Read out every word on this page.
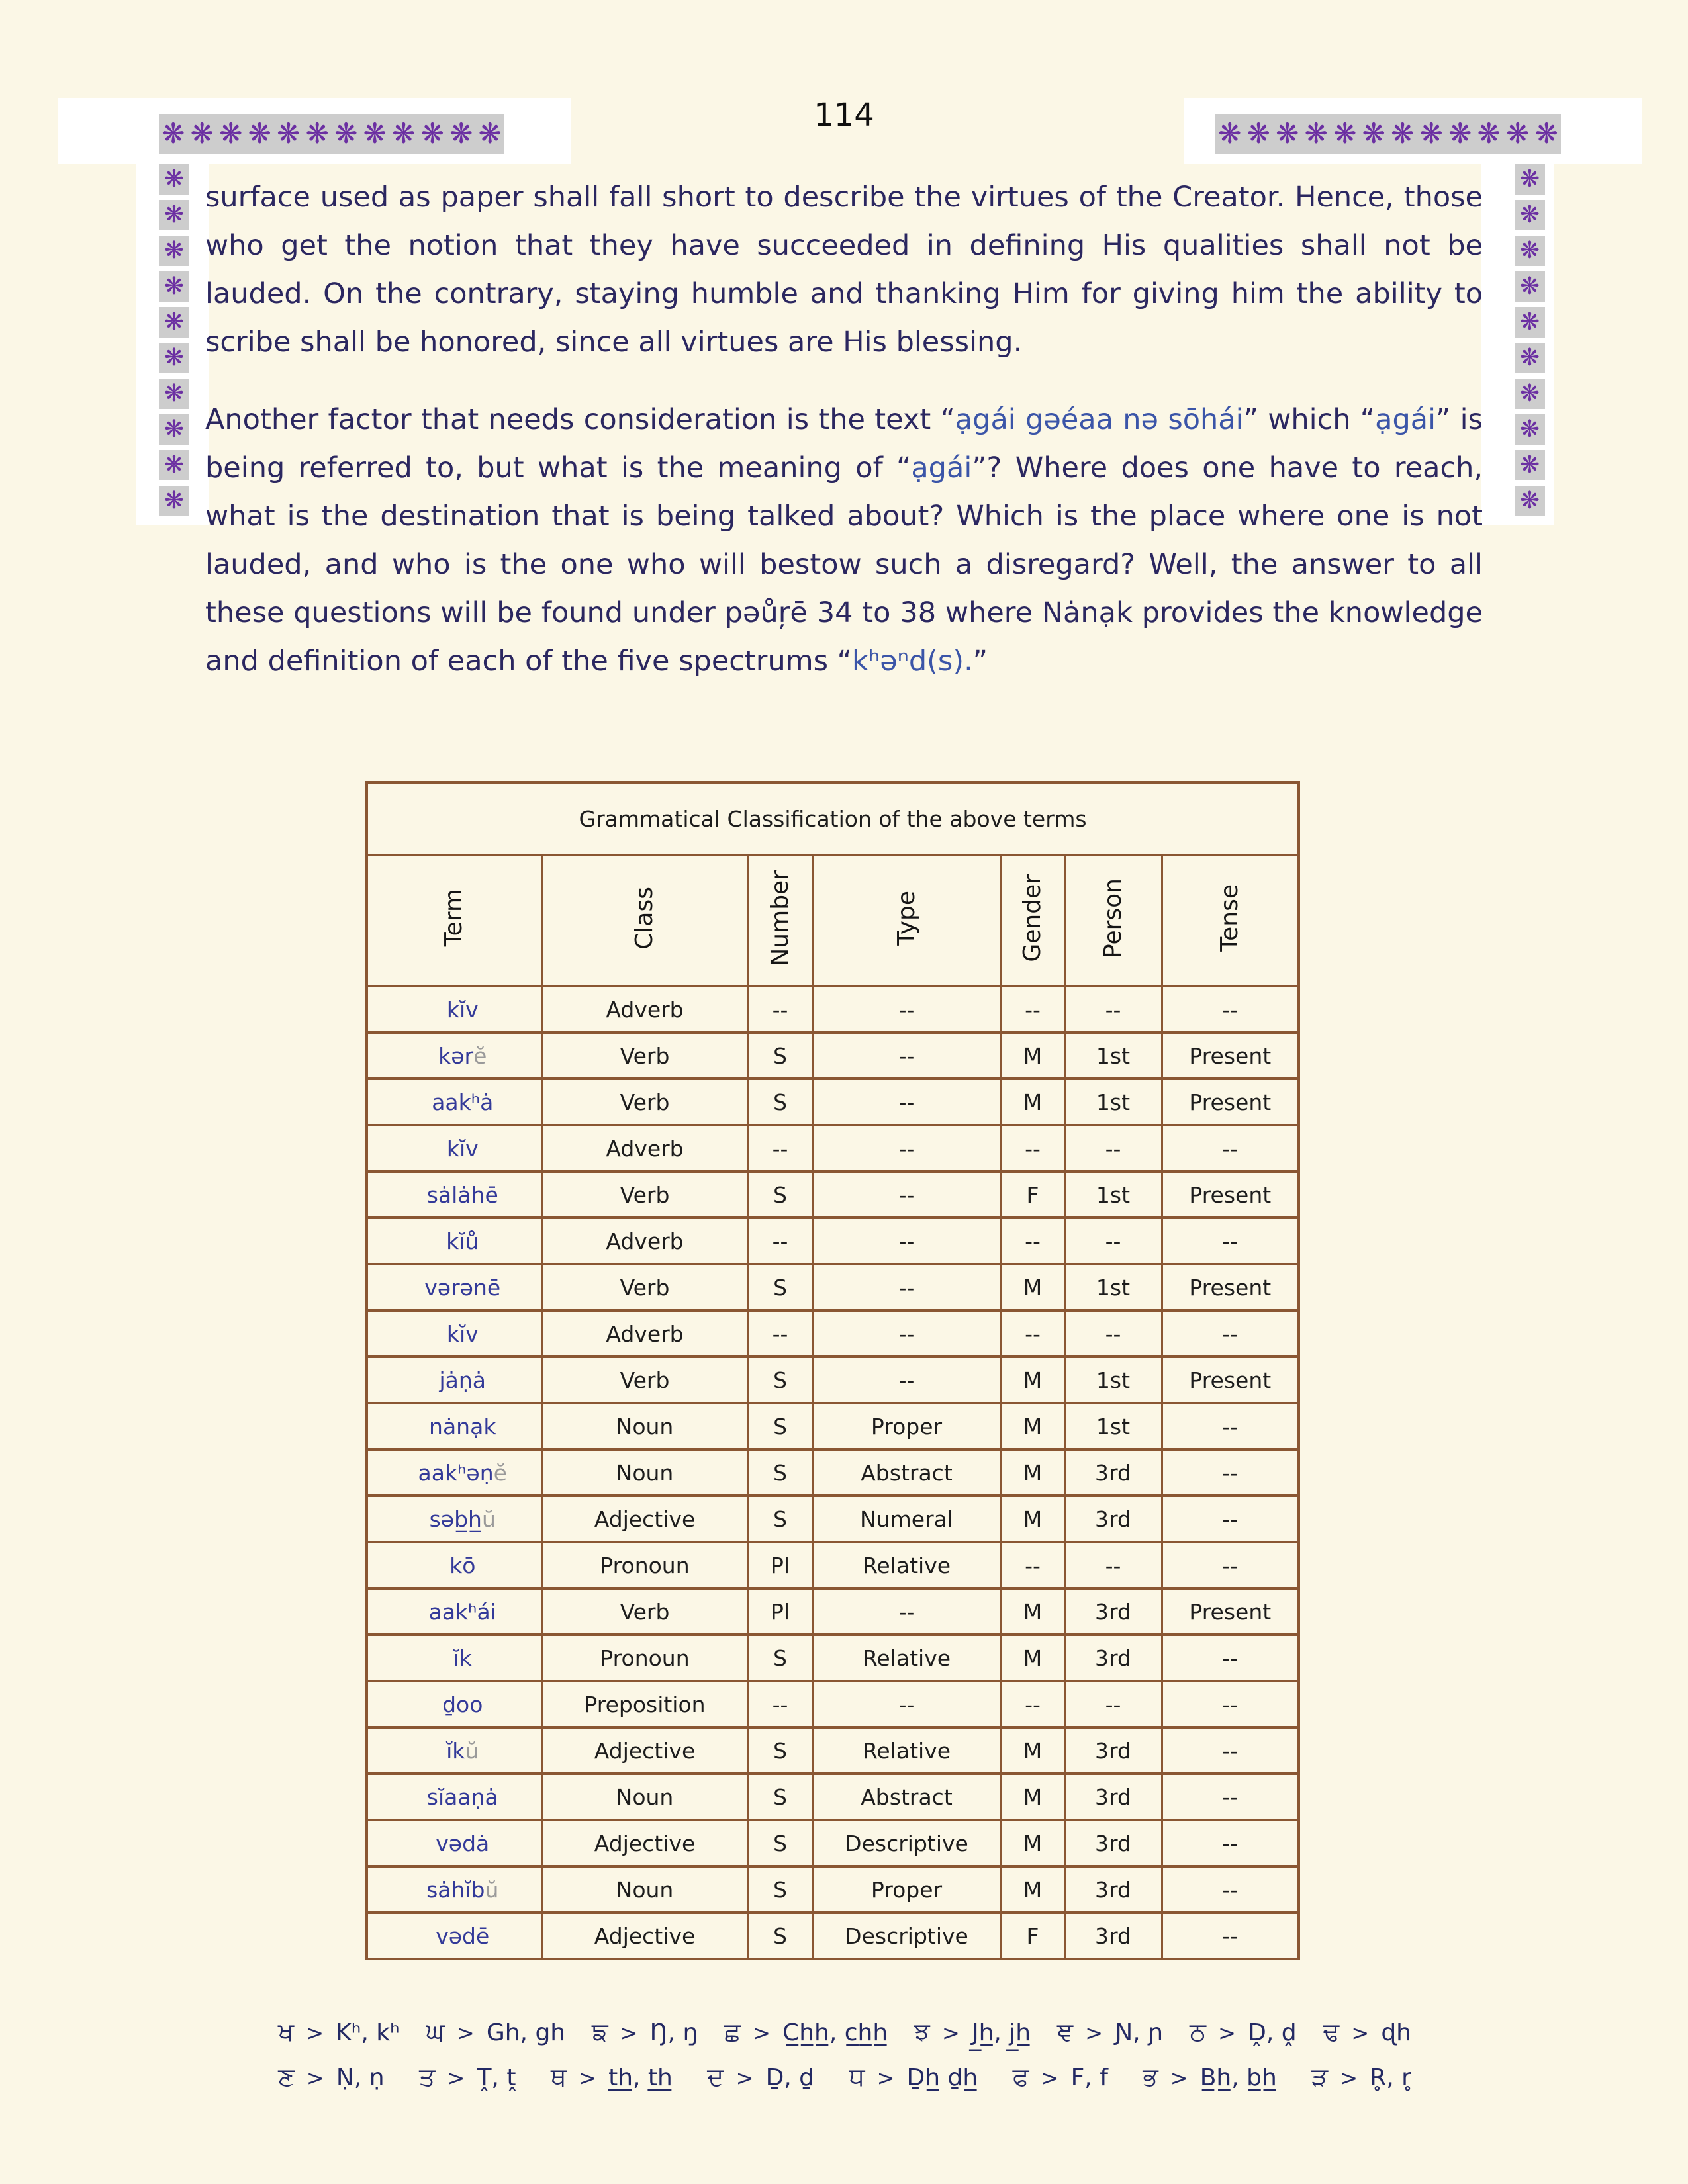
❋ ❋ ❋ ❋ ❋ ❋ ❋ ❋ ❋ ❋ ❋ ❋	❋ ❋ ❋ ❋ ❋ ❋ ❋ ❋ ❋ ❋ ❋ ❋
❋
❋
❋
❋
❋
❋
❋
❋
❋
❋
❋
❋
❋
❋
❋
❋
❋
❋
❋
❋
114

surface used as paper shall fall short to describe the virtues of the Creator. Hence, those who get the notion that they have succeeded in defining His qualities shall not be lauded. On the contrary, staying humble and thanking Him for giving him the ability to scribe shall be honored, since all virtues are His blessing.

Another factor that needs consideration is the text “ạgái gəéaa nə sōhái” which “ạgái” is being referred to, but what is the meaning of “ạgái”? Where does one have to reach, what is the destination that is being talked about? Which is the place where one is not lauded, and who is the one who will bestow such a disregard? Well, the answer to all these questions will be found under pəůŗē 34 to 38 where Nȧnạk provides the knowledge and definition of each of the five spectrums “kʰəⁿd(s).”

Grammatical Classification of the above terms						
Term	Class	Number	Type	Gender	Person	Tense
kĭv	Adverb	--	--	--	--	--
kərĕ	Verb	S	--	M	1st	Present
aakʰȧ	Verb	S	--	M	1st	Present
kĭv	Adverb	--	--	--	--	--
sȧlȧhē	Verb	S	--	F	1st	Present
kĭů	Adverb	--	--	--	--	--
vərənē	Verb	S	--	M	1st	Present
kĭv	Adverb	--	--	--	--	--
jȧṇȧ	Verb	S	--	M	1st	Present
nȧnạk	Noun	S	Proper	M	1st	--
aakʰəṇĕ	Noun	S	Abstract	M	3rd	--
səb̲h̲ŭ	Adjective	S	Numeral	M	3rd	--
kō	Pronoun	Pl	Relative	--	--	--
aakʰái	Verb	Pl	--	M	3rd	Present
ĭk	Pronoun	S	Relative	M	3rd	--
ḏoo	Preposition	--	--	--	--	--
ĭkŭ	Adjective	S	Relative	M	3rd	--
sĭaaṇȧ	Noun	S	Abstract	M	3rd	--
vədȧ	Adjective	S	Descriptive	M	3rd	--
sȧhĭbŭ	Noun	S	Proper	M	3rd	--
vədē	Adjective	S	Descriptive	F	3rd	--
ਖ > Kʰ, kʰ ਘ > Gh, gh ਙ > Ŋ, ŋ ਛ > C̲h̲h̲, c̲h̲h̲ ਝ > J̲h̲, j̲h̲ ਞ > Ɲ, ɲ ਠ > Ḓ, ḓ ਢ > ɖh
ਣ > Ṇ, ṇ ਤ > Ṱ, ṱ ਥ > t̲h̲, t̲h̲ ਦ > Ḏ, ḏ ਧ > Ḏh̲ ḏh̲ ਫ > F, f ਭ > B̲h̲, b̲h̲ ੜ > R̥, r̥
